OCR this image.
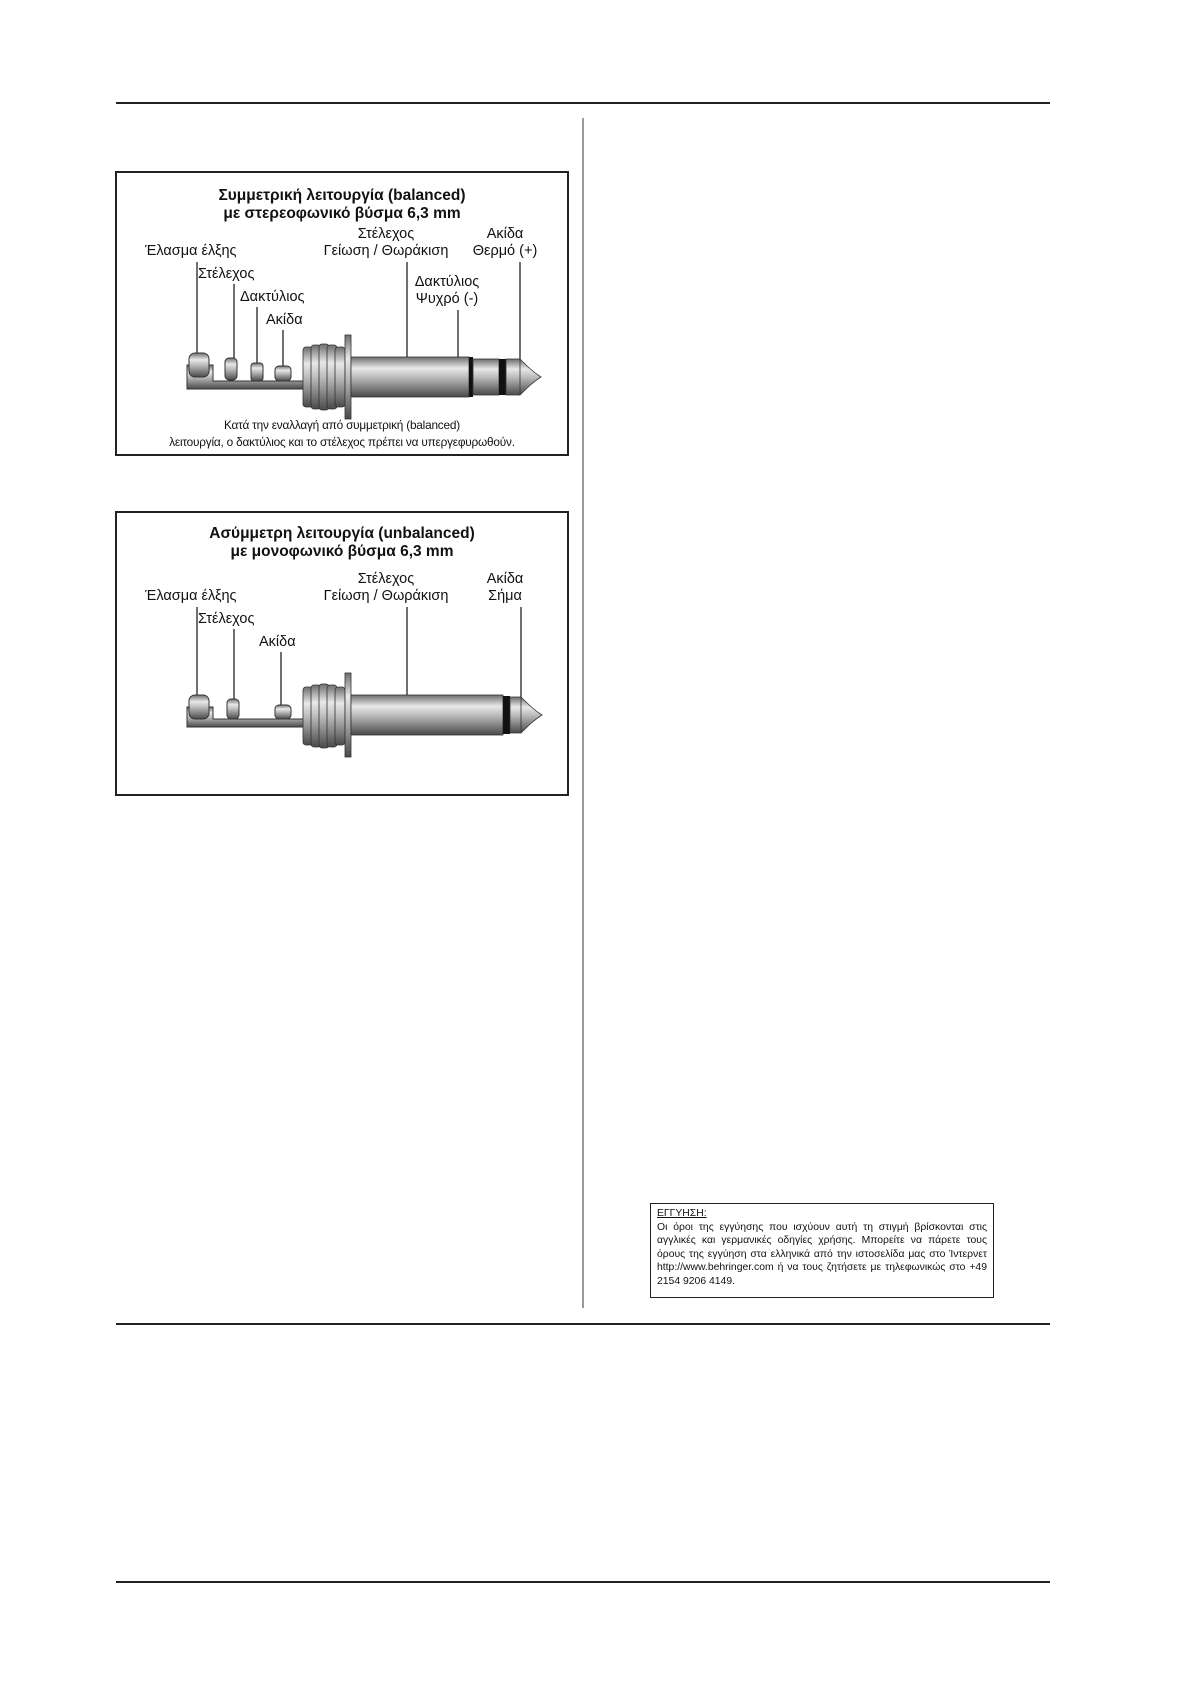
Συμμετρική λειτουργία (balanced)
με στερεοφωνικό βύσμα 6,3 mm
Έλασμα έλξης
Στέλεχος
Δακτύλιος
Ακίδα
Στέλεχος
Γείωση / Θωράκιση
Ακίδα
Θερμό (+)
Δακτύλιος
Ψυχρό (-)
Κατά την εναλλαγή από συμμετρική (balanced)
λειτουργία, ο δακτύλιος και το στέλεχος πρέπει να υπεργεφυρωθούν.
Ασύμμετρη λειτουργία (unbalanced)
με μονοφωνικό βύσμα 6,3 mm
Έλασμα έλξης
Στέλεχος
Ακίδα
Στέλεχος
Γείωση / Θωράκιση
Ακίδα
Σήμα
ΕΓΓΥΗΣΗ:
Οι όροι της εγγύησης που ισχύουν αυτή τη στιγμή βρίσκονται στις αγγλικές και γερμανικές οδηγίες χρήσης. Μπορείτε να πάρετε τους όρους της εγγύηση στα ελληνικά από την ιστοσελίδα μας στο Ίντερνετ http://www.behringer.com ή να τους ζητήσετε με τηλεφωνικώς στο +49 2154 9206 4149.
